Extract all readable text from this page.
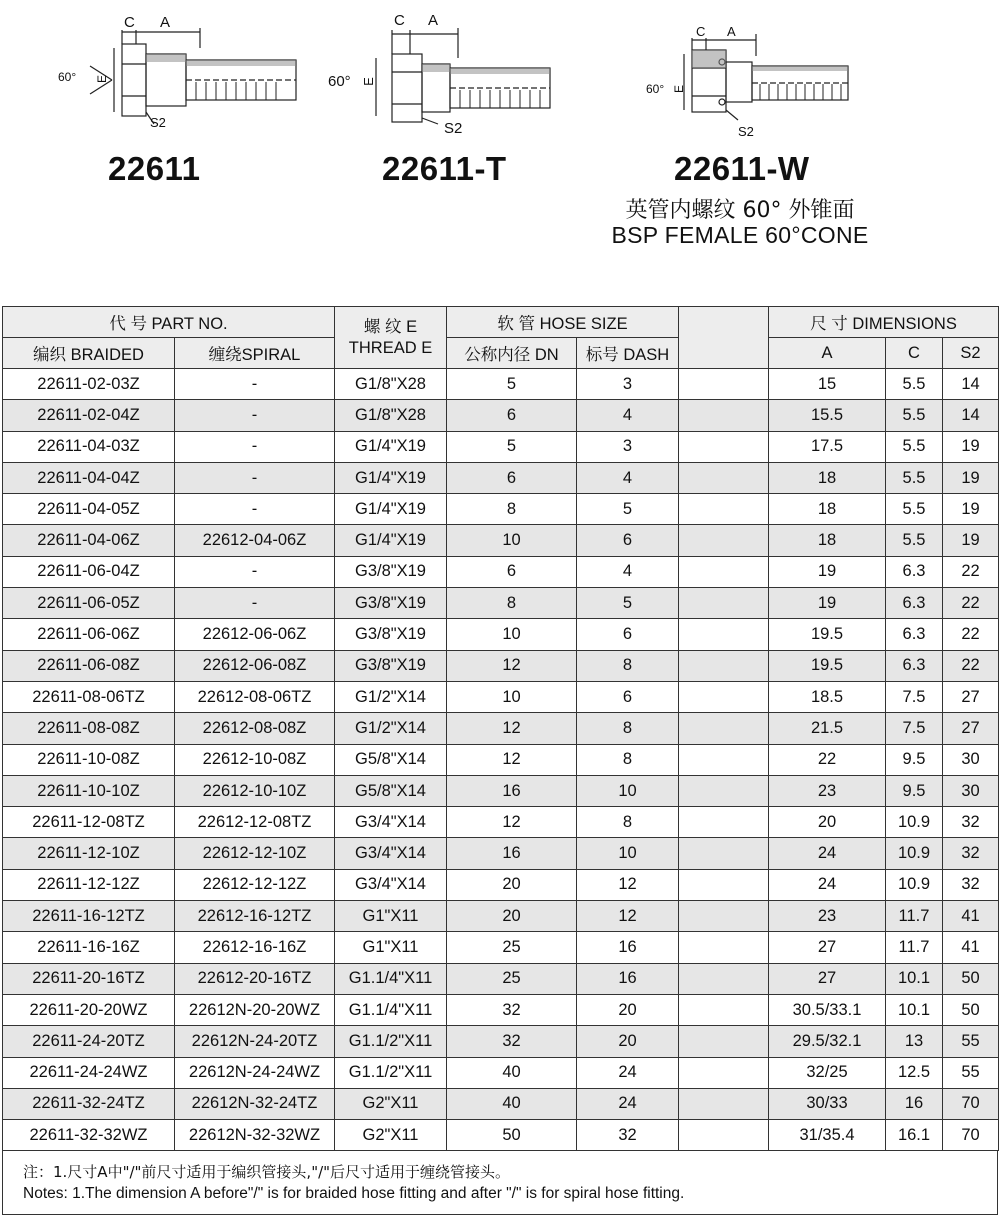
C A
60° E
S2
22611
C A
60° E
S2
22611-T
C A
60° E
S2
22611-W
英管内螺纹 60° 外锥面
BSP FEMALE 60°CONE
代 号 PART NO.		螺 纹 E THREAD E	软 管 HOSE SIZE			尺 寸 DIMENSIONS		
编织 BRAIDED	缠绕SPIRAL		公称内径 DN	标号 DASH		A	C	S2
22611-02-03Z	-	G1/8"X28	5	3		15	5.5	14
22611-02-04Z	-	G1/8"X28	6	4		15.5	5.5	14
22611-04-03Z	-	G1/4"X19	5	3		17.5	5.5	19
22611-04-04Z	-	G1/4"X19	6	4		18	5.5	19
22611-04-05Z	-	G1/4"X19	8	5		18	5.5	19
22611-04-06Z	22612-04-06Z	G1/4"X19	10	6		18	5.5	19
22611-06-04Z	-	G3/8"X19	6	4		19	6.3	22
22611-06-05Z	-	G3/8"X19	8	5		19	6.3	22
22611-06-06Z	22612-06-06Z	G3/8"X19	10	6		19.5	6.3	22
22611-06-08Z	22612-06-08Z	G3/8"X19	12	8		19.5	6.3	22
22611-08-06TZ	22612-08-06TZ	G1/2"X14	10	6		18.5	7.5	27
22611-08-08Z	22612-08-08Z	G1/2"X14	12	8		21.5	7.5	27
22611-10-08Z	22612-10-08Z	G5/8"X14	12	8		22	9.5	30
22611-10-10Z	22612-10-10Z	G5/8"X14	16	10		23	9.5	30
22611-12-08TZ	22612-12-08TZ	G3/4"X14	12	8		20	10.9	32
22611-12-10Z	22612-12-10Z	G3/4"X14	16	10		24	10.9	32
22611-12-12Z	22612-12-12Z	G3/4"X14	20	12		24	10.9	32
22611-16-12TZ	22612-16-12TZ	G1"X11	20	12		23	11.7	41
22611-16-16Z	22612-16-16Z	G1"X11	25	16		27	11.7	41
22611-20-16TZ	22612-20-16TZ	G1.1/4"X11	25	16		27	10.1	50
22611-20-20WZ	22612N-20-20WZ	G1.1/4"X11	32	20		30.5/33.1	10.1	50
22611-24-20TZ	22612N-24-20TZ	G1.1/2"X11	32	20		29.5/32.1	13	55
22611-24-24WZ	22612N-24-24WZ	G1.1/2"X11	40	24		32/25	12.5	55
22611-32-24TZ	22612N-32-24TZ	G2"X11	40	24		30/33	16	70
22611-32-32WZ	22612N-32-32WZ	G2"X11	50	32		31/35.4	16.1	70
注：1.尺寸A中"/"前尺寸适用于编织管接头,"/"后尺寸适用于缠绕管接头。
Notes: 1.The dimension A before"/" is for braided hose fitting and after "/" is for spiral hose fitting.
